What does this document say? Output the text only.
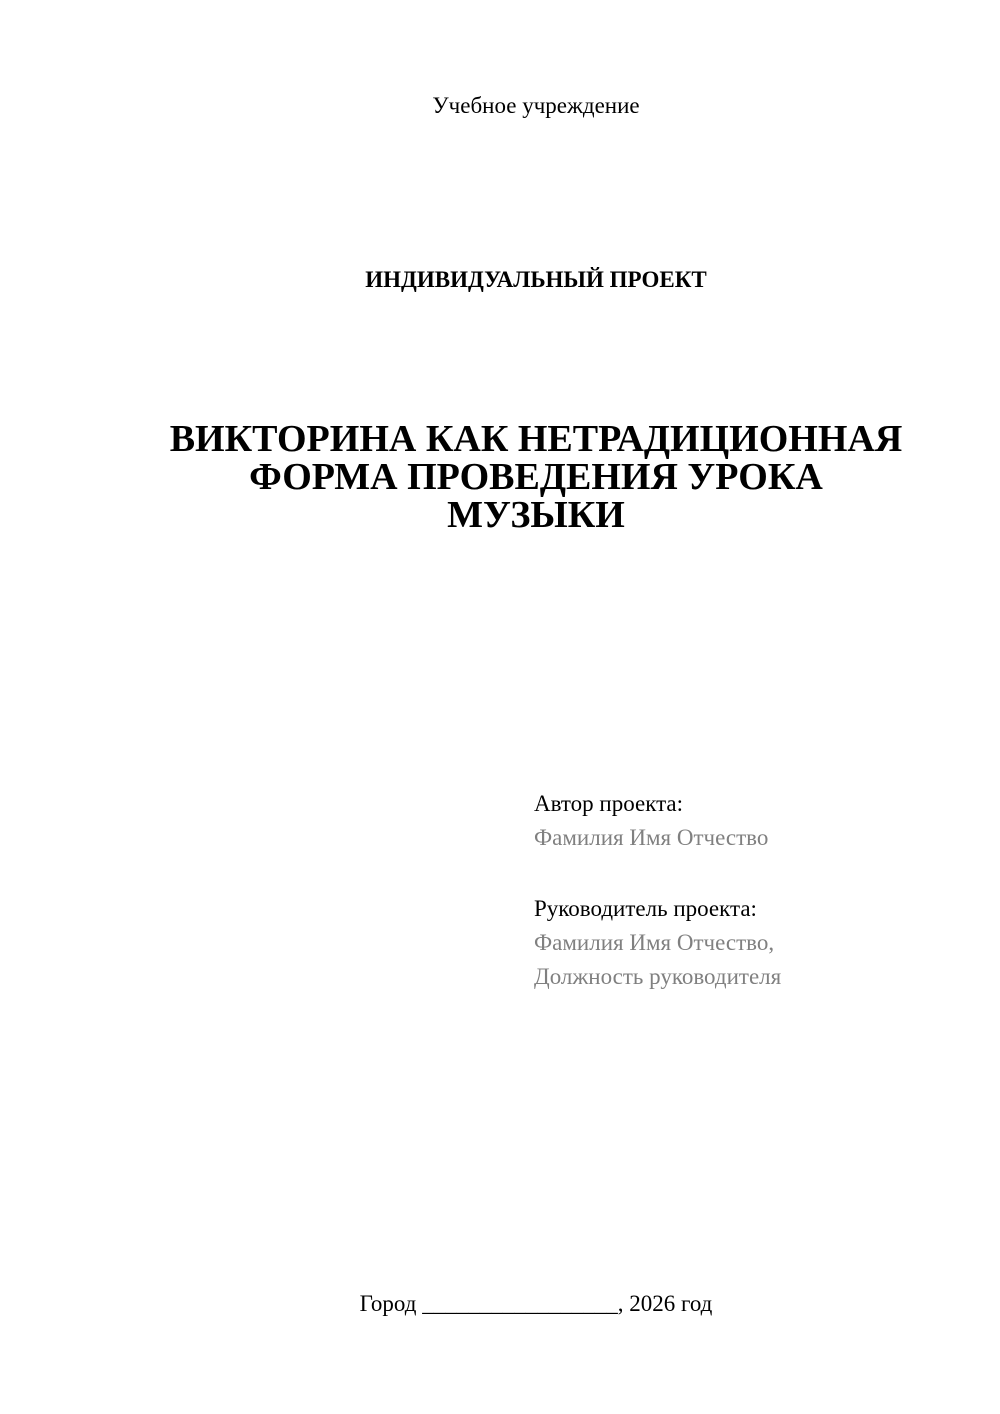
Учебное учреждение
ИНДИВИДУАЛЬНЫЙ ПРОЕКТ
ВИКТОРИНА КАК НЕТРАДИЦИОННАЯ
ФОРМА ПРОВЕДЕНИЯ УРОКА
МУЗЫКИ
Автор проекта:
Фамилия Имя Отчество
Руководитель проекта:
Фамилия Имя Отчество,
Должность руководителя
Город _________________, 2026 год
